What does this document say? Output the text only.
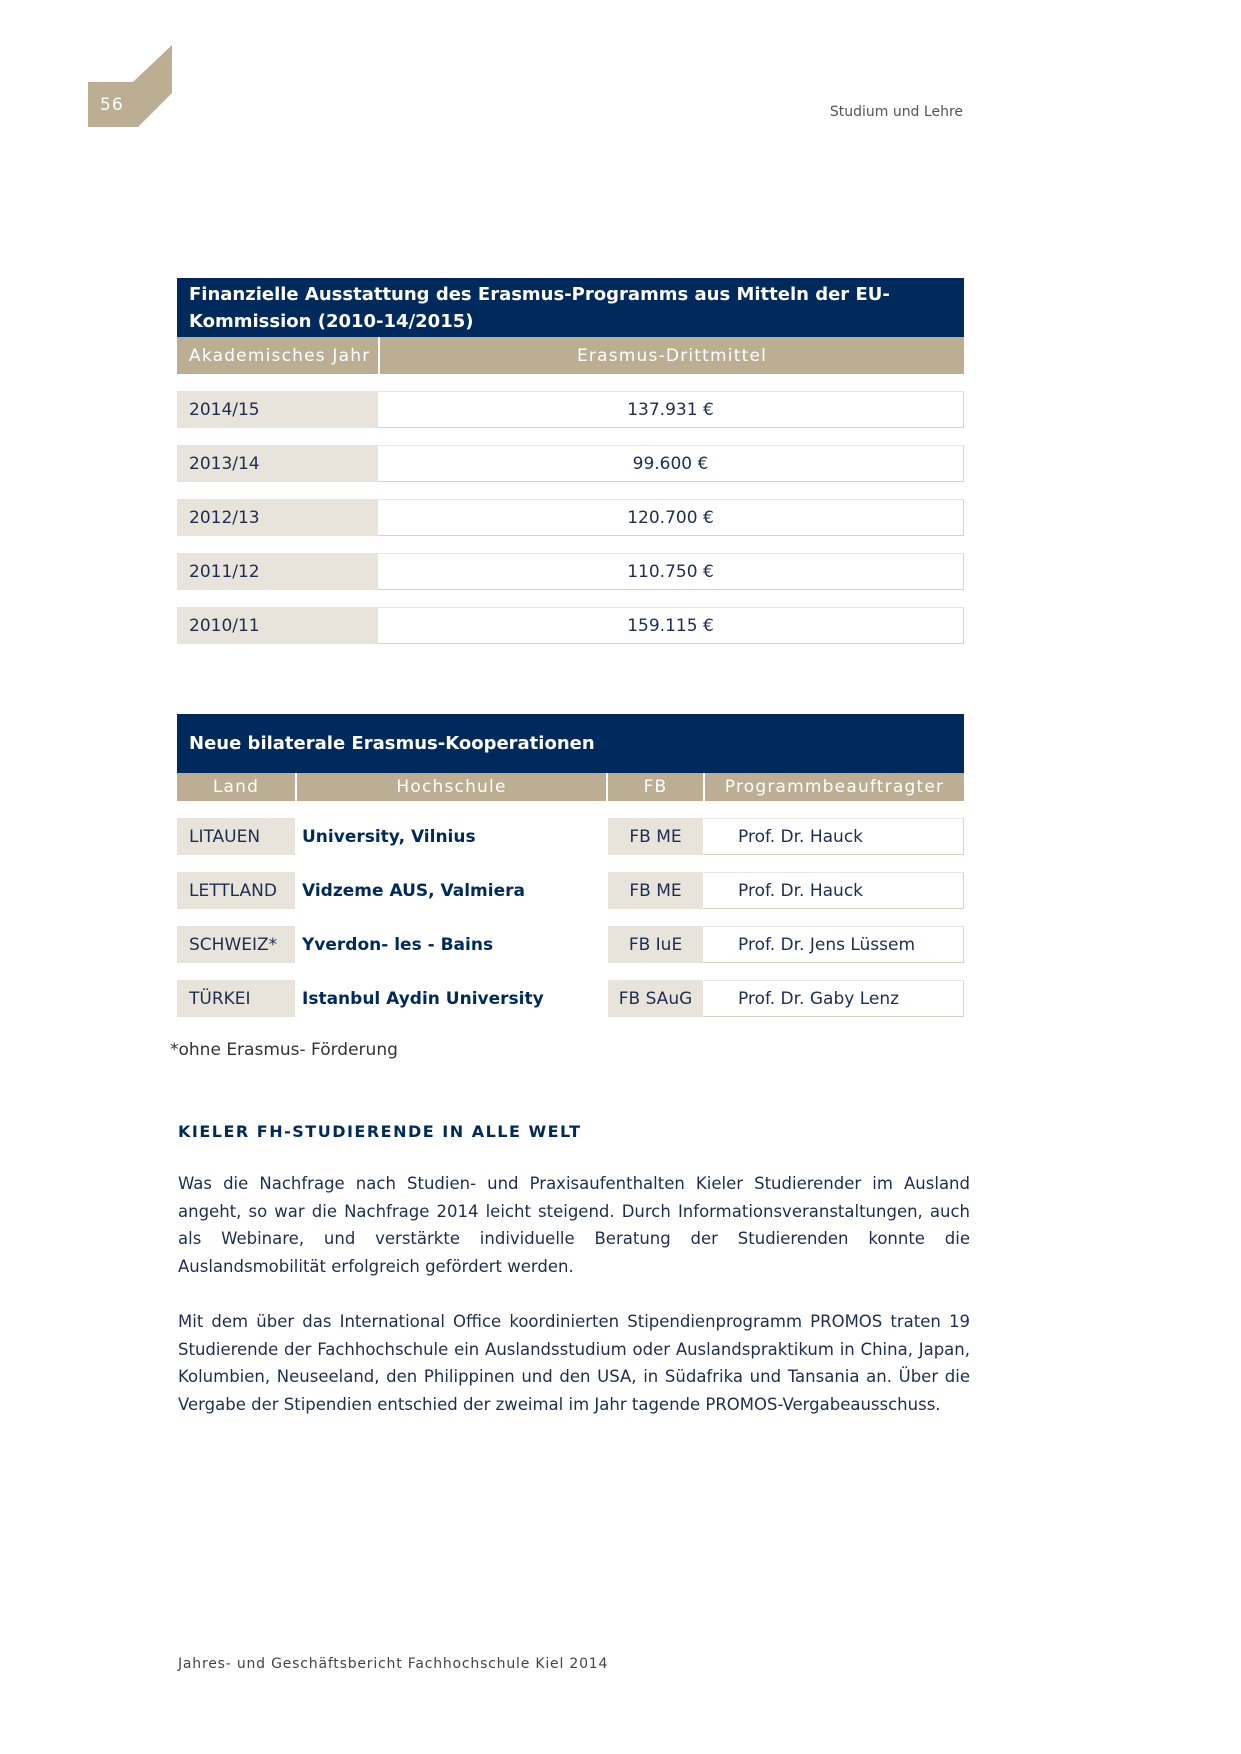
56	Studium und Lehre
Finanzielle Ausstattung des Erasmus-Programms aus Mitteln der EU-Kommission (2010-14/2015)
Akademisches Jahr	Erasmus-Drittmittel
2014/15	137.931 €
2013/14	99.600 €
2012/13	120.700 €
2011/12	110.750 €
2010/11	159.115 €
Neue bilaterale Erasmus-Kooperationen
Land	Hochschule	FB	Programmbeauftragter
LITAUEN	University, Vilnius	FB ME	Prof. Dr. Hauck
LETTLAND	Vidzeme AUS, Valmiera	FB ME	Prof. Dr. Hauck
SCHWEIZ*	Yverdon- les - Bains	FB IuE	Prof. Dr. Jens Lüssem
TÜRKEI	Istanbul Aydin University	FB SAuG	Prof. Dr. Gaby Lenz
*ohne Erasmus- Förderung
KIELER FH-STUDIERENDE IN ALLE WELT
Was die Nachfrage nach Studien- und Praxisaufenthalten Kieler Studierender im Ausland angeht, so war die Nachfrage 2014 leicht steigend. Durch Informationsveranstaltungen, auch als Webinare, und verstärkte individuelle Beratung der Studierenden konnte die Auslandsmobilität erfolgreich gefördert werden.
Mit dem über das International Office koordinierten Stipendienprogramm PROMOS traten 19 Studierende der Fachhochschule ein Auslandsstudium oder Auslandspraktikum in China, Japan, Kolumbien, Neuseeland, den Philippinen und den USA, in Südafrika und Tansania an. Über die Vergabe der Stipendien entschied der zweimal im Jahr tagende PROMOS-Vergabeausschuss.
Jahres- und Geschäftsbericht Fachhochschule Kiel 2014
